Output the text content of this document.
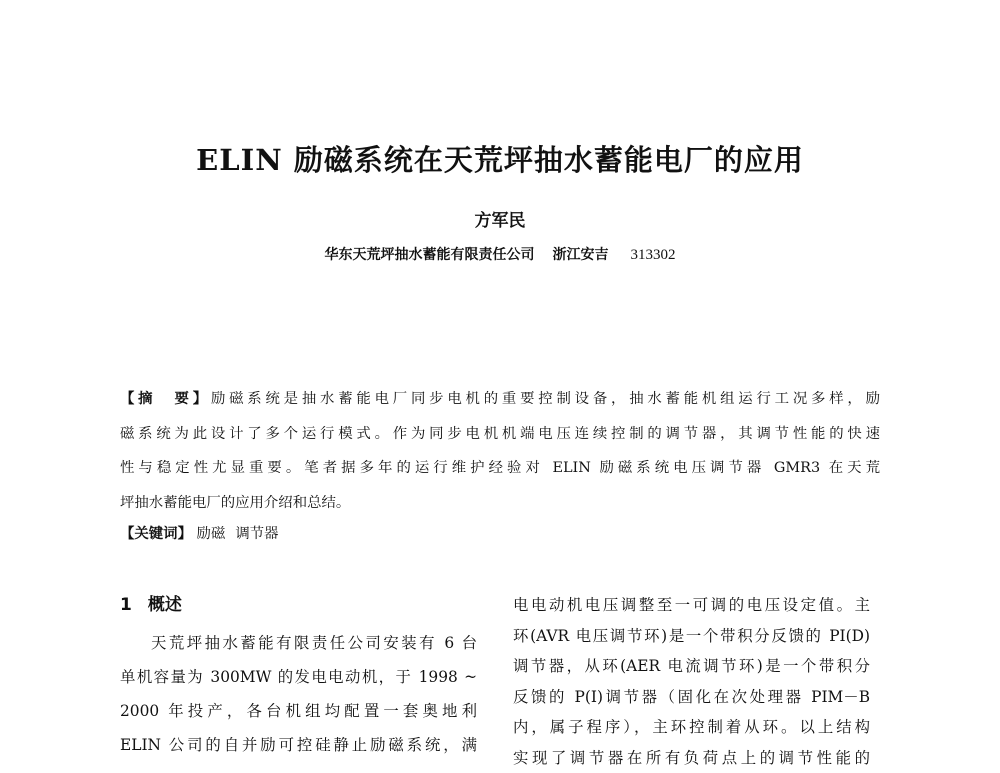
ELIN 励磁系统在天荒坪抽水蓄能电厂的应用
方军民
华东天荒坪抽水蓄能有限责任公司 浙江安吉 313302
【摘　要】励磁系统是抽水蓄能电厂同步电机的重要控制设备，抽水蓄能机组运行工况多样，励
磁系统为此设计了多个运行模式。作为同步电机机端电压连续控制的调节器，其调节性能的快速
性与稳定性尤显重要。笔者据多年的运行维护经验对 ELIN 励磁系统电压调节器 GMR3 在天荒
坪抽水蓄能电厂的应用介绍和总结。
【关键词】 励磁 调节器
1 概述
天荒坪抽水蓄能有限责任公司安装有 6 台
单机容量为 300MW 的发电电动机，于 1998 ~
2000 年投产，各台机组均配置一套奥地利
ELIN 公司的自并励可控硅静止励磁系统，满
电电动机电压调整至一可调的电压设定值。主
环(AVR 电压调节环)是一个带积分反馈的 PI(D)
调节器，从环(AER 电流调节环)是一个带积分
反馈的 P(I)调节器（固化在次处理器 PIM－B
内，属子程序），主环控制着从环。以上结构
实现了调节器在所有负荷点上的调节性能的
